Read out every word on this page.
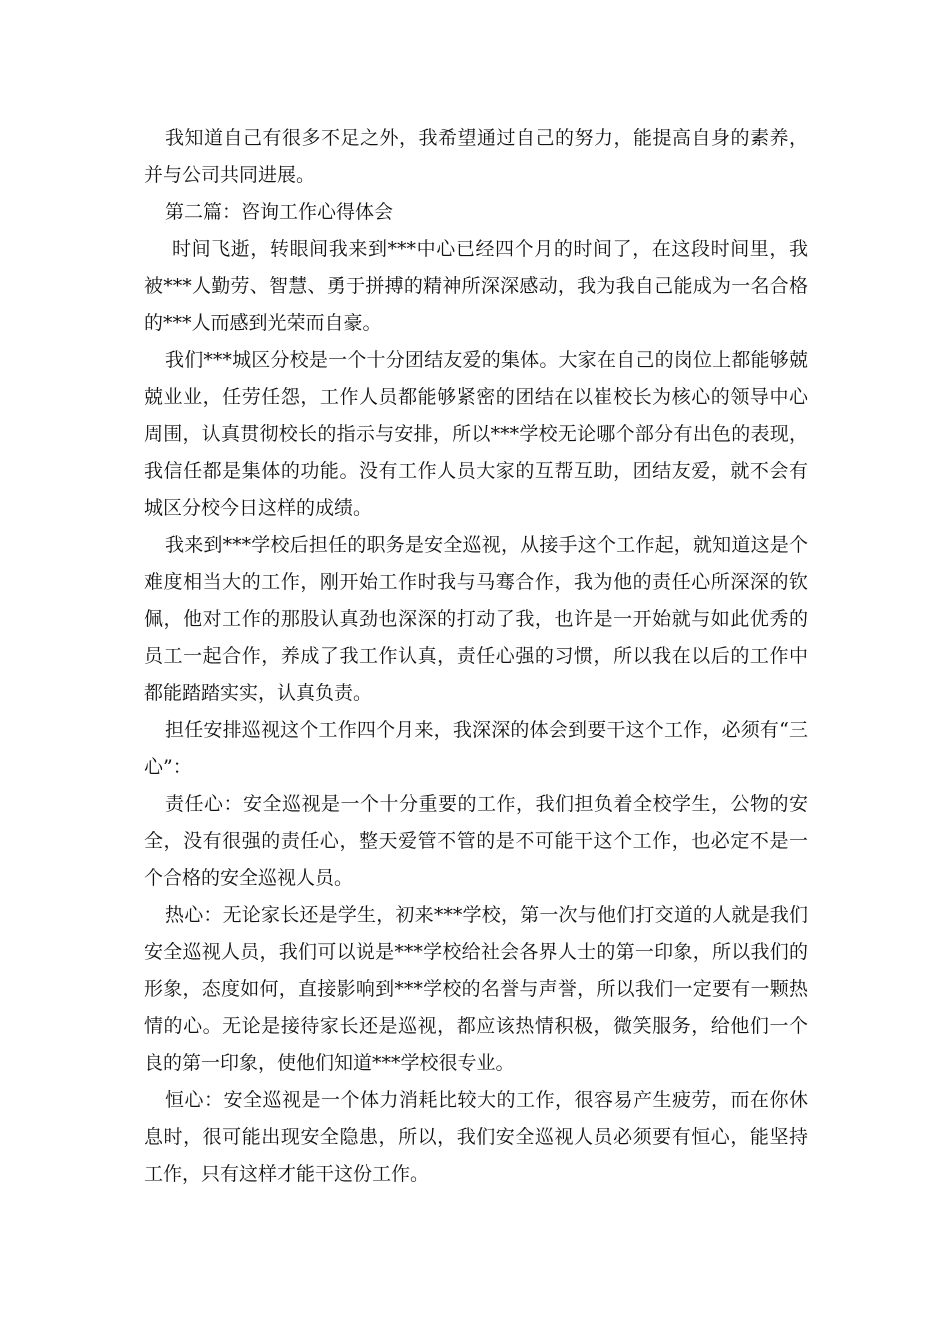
我知道自己有很多不足之外，我希望通过自己的努力，能提高自身的素养，并与公司共同进展。

第二篇：咨询工作心得体会

时间飞逝，转眼间我来到***中心已经四个月的时间了，在这段时间里，我被***人勤劳、智慧、勇于拼搏的精神所深深感动，我为我自己能成为一名合格的***人而感到光荣而自豪。

我们***城区分校是一个十分团结友爱的集体。大家在自己的岗位上都能够兢兢业业，任劳任怨，工作人员都能够紧密的团结在以崔校长为核心的领导中心周围，认真贯彻校长的指示与安排，所以***学校无论哪个部分有出色的表现，我信任都是集体的功能。没有工作人员大家的互帮互助，团结友爱，就不会有城区分校今日这样的成绩。

我来到***学校后担任的职务是安全巡视，从接手这个工作起，就知道这是个难度相当大的工作，刚开始工作时我与马骞合作，我为他的责任心所深深的钦佩，他对工作的那股认真劲也深深的打动了我，也许是一开始就与如此优秀的员工一起合作，养成了我工作认真，责任心强的习惯，所以我在以后的工作中都能踏踏实实，认真负责。

担任安排巡视这个工作四个月来，我深深的体会到要干这个工作，必须有“三心”：

责任心：安全巡视是一个十分重要的工作，我们担负着全校学生，公物的安全，没有很强的责任心，整天爱管不管的是不可能干这个工作，也必定不是一个合格的安全巡视人员。

热心：无论家长还是学生，初来***学校，第一次与他们打交道的人就是我们安全巡视人员，我们可以说是***学校给社会各界人士的第一印象，所以我们的形象，态度如何，直接影响到***学校的名誉与声誉，所以我们一定要有一颗热情的心。无论是接待家长还是巡视，都应该热情积极，微笑服务，给他们一个良的第一印象，使他们知道***学校很专业。

恒心：安全巡视是一个体力消耗比较大的工作，很容易产生疲劳，而在你休息时，很可能出现安全隐患，所以，我们安全巡视人员必须要有恒心，能坚持工作，只有这样才能干这份工作。
